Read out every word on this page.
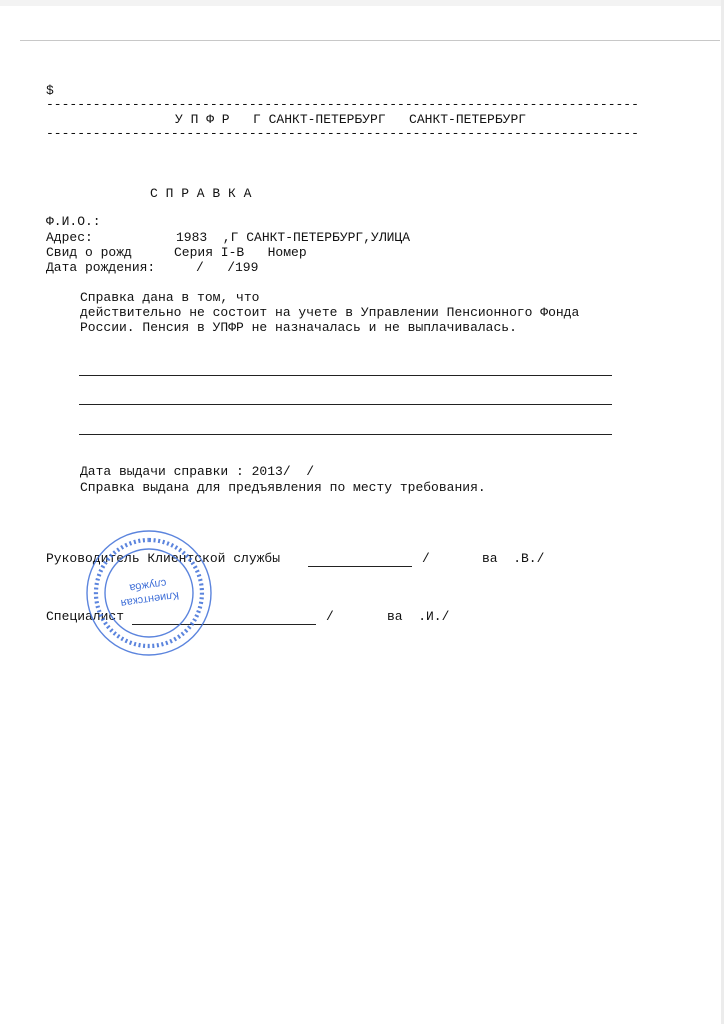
$
----------------------------------------------------------------------------
У П Ф Р   Г САНКТ-ПЕТЕРБУРГ   САНКТ-ПЕТЕРБУРГ
----------------------------------------------------------------------------
С П Р А В К А
Ф.И.О.:
Адрес:	1983  ,Г САНКТ-ПЕТЕРБУРГ,УЛИЦА
Свид о рожд	Серия I-В   Номер
Дата рождения:	/   /199
Справка дана в том, что
действительно не состоит на учете в Управлении Пенсионного Фонда
России. Пенсия в УПФР не назначалась и не выплачивалась.
Дата выдачи справки : 2013/  /
Справка выдана для предъявления по месту требования.
Руководитель Клиентской службы	/	ва  .В./
Специалист	/	ва  .И./
Клиентская
служба
